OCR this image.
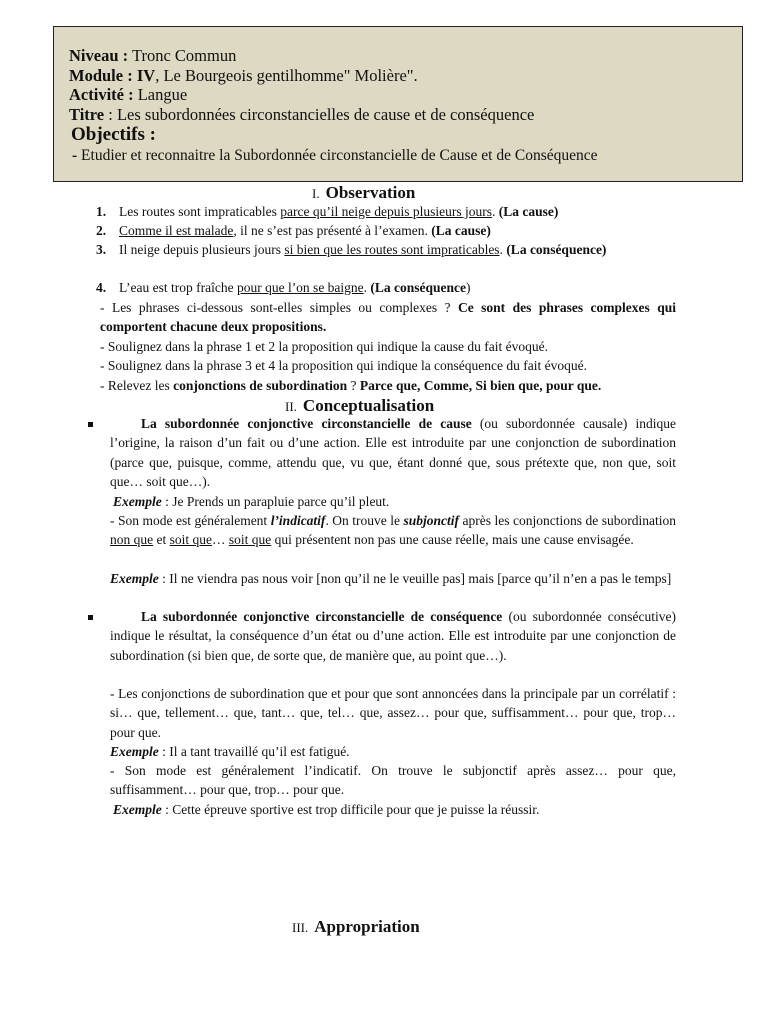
Niveau : Tronc Commun
Module : IV, Le Bourgeois gentilhomme" Molière".
Activité : Langue
Titre : Les subordonnées circonstancielles de cause et de conséquence
Objectifs :
- Etudier et reconnaitre la Subordonnée circonstancielle de Cause et de Conséquence
I. Observation
1. Les routes sont impraticables parce qu’il neige depuis plusieurs jours. (La cause)
2. Comme il est malade, il ne s’est pas présenté à l’examen. (La cause)
3. Il neige depuis plusieurs jours si bien que les routes sont impraticables. (La conséquence)
4. L’eau est trop fraîche pour que l’on se baigne. (La conséquence)
- Les phrases ci-dessous sont-elles simples ou complexes ? Ce sont des phrases complexes qui comportent chacune deux propositions.
- Soulignez dans la phrase 1 et 2 la proposition qui indique la cause du fait évoqué.
- Soulignez dans la phrase 3 et 4 la proposition qui indique la conséquence du fait évoqué.
- Relevez les conjonctions de subordination ? Parce que, Comme, Si bien que, pour que.
II. Conceptualisation
La subordonnée conjonctive circonstancielle de cause (ou subordonnée causale) indique l’origine, la raison d’un fait ou d’une action. Elle est introduite par une conjonction de subordination (parce que, puisque, comme, attendu que, vu que, étant donné que, sous prétexte que, non que, soit que… soit que…).
Exemple : Je Prends un parapluie parce qu’il pleut.
- Son mode est généralement l’indicatif. On trouve le subjonctif après les conjonctions de subordination non que et soit que… soit que qui présentent non pas une cause réelle, mais une cause envisagée.
Exemple : Il ne viendra pas nous voir [non qu’il ne le veuille pas] mais [parce qu’il n’en a pas le temps]
La subordonnée conjonctive circonstancielle de conséquence (ou subordonnée consécutive) indique le résultat, la conséquence d’un état ou d’une action. Elle est introduite par une conjonction de subordination (si bien que, de sorte que, de manière que, au point que…).
- Les conjonctions de subordination que et pour que sont annoncées dans la principale par un corrélatif : si… que, tellement… que, tant… que, tel… que, assez… pour que, suffisamment… pour que, trop… pour que.
Exemple : Il a tant travaillé qu’il est fatigué.
- Son mode est généralement l’indicatif. On trouve le subjonctif après assez… pour que, suffisamment… pour que, trop… pour que.
Exemple : Cette épreuve sportive est trop difficile pour que je puisse la réussir.
III. Appropriation
